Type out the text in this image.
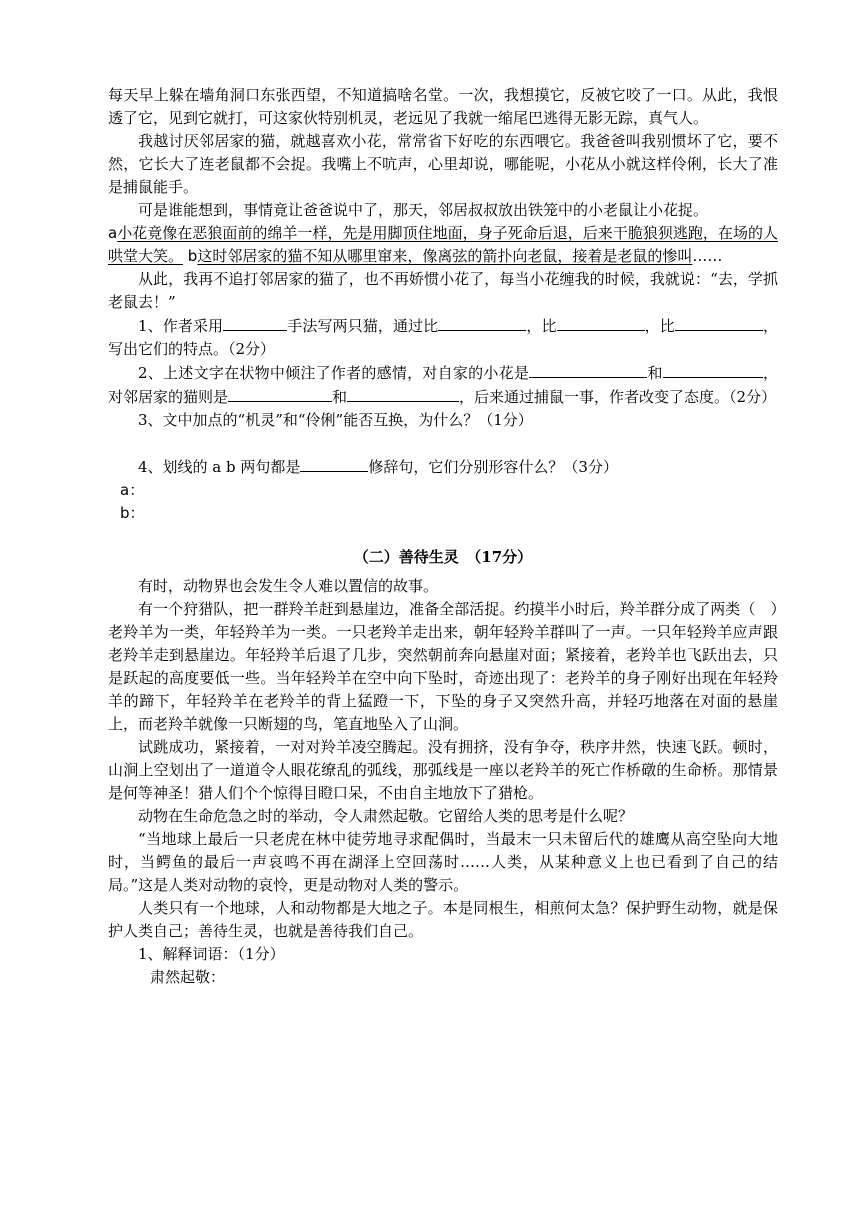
每天早上躲在墙角洞口东张西望，不知道搞啥名堂。一次，我想摸它，反被它咬了一口。从此，我恨透了它，见到它就打，可这家伙特别机灵，老远见了我就一缩尾巴逃得无影无踪，真气人。

我越讨厌邻居家的猫，就越喜欢小花，常常省下好吃的东西喂它。我爸爸叫我别惯坏了它，要不然，它长大了连老鼠都不会捉。我嘴上不吭声，心里却说，哪能呢，小花从小就这样伶俐，长大了准是捕鼠能手。

可是谁能想到，事情竟让爸爸说中了，那天，邻居叔叔放出铁笼中的小老鼠让小花捉。

a小花竟像在恶狼面前的绵羊一样，先是用脚顶住地面，身子死命后退，后来干脆狼狈逃跑，在场的人哄堂大笑。 b这时邻居家的猫不知从哪里窜来，像离弦的箭扑向老鼠，接着是老鼠的惨叫……

从此，我再不追打邻居家的猫了，也不再娇惯小花了，每当小花缠我的时候，我就说：“去，学抓老鼠去！”

1、作者采用	手法写两只猫，通过比	，比	，比	，写出它们的特点。（2分）

2、上述文字在状物中倾注了作者的感情，对自家的小花是	和	，对邻居家的猫则是	和	，后来通过捕鼠一事，作者改变了态度。（2分）

3、文中加点的“机灵”和“伶俐”能否互换，为什么？（1分）

4、划线的 a b 两句都是	修辞句，它们分别形容什么？（3分）

a：

b：

（二）善待生灵　（17分）

有时，动物界也会发生令人难以置信的故事。

有一个狩猎队，把一群羚羊赶到悬崖边，准备全部活捉。约摸半小时后，羚羊群分成了两类（　）老羚羊为一类，年轻羚羊为一类。一只老羚羊走出来，朝年轻羚羊群叫了一声。一只年轻羚羊应声跟老羚羊走到悬崖边。年轻羚羊后退了几步，突然朝前奔向悬崖对面；紧接着，老羚羊也飞跃出去，只是跃起的高度要低一些。当年轻羚羊在空中向下坠时，奇迹出现了：老羚羊的身子刚好出现在年轻羚羊的蹄下，年轻羚羊在老羚羊的背上猛蹬一下，下坠的身子又突然升高，并轻巧地落在对面的悬崖上，而老羚羊就像一只断翅的鸟，笔直地坠入了山涧。

试跳成功，紧接着，一对对羚羊凌空腾起。没有拥挤，没有争夺，秩序井然，快速飞跃。顿时，山涧上空划出了一道道令人眼花缭乱的弧线，那弧线是一座以老羚羊的死亡作桥礅的生命桥。那情景是何等神圣！猎人们个个惊得目瞪口呆，不由自主地放下了猎枪。

动物在生命危急之时的举动，令人肃然起敬。它留给人类的思考是什么呢？

“当地球上最后一只老虎在林中徒劳地寻求配偶时，当最末一只未留后代的雄鹰从高空坠向大地时，当鳄鱼的最后一声哀鸣不再在湖泽上空回荡时……人类，从某种意义上也已看到了自己的结局。”这是人类对动物的哀怜，更是动物对人类的警示。

人类只有一个地球，人和动物都是大地之子。本是同根生，相煎何太急？保护野生动物，就是保护人类自己；善待生灵，也就是善待我们自己。

1、解释词语：（1分）

肃然起敬：
